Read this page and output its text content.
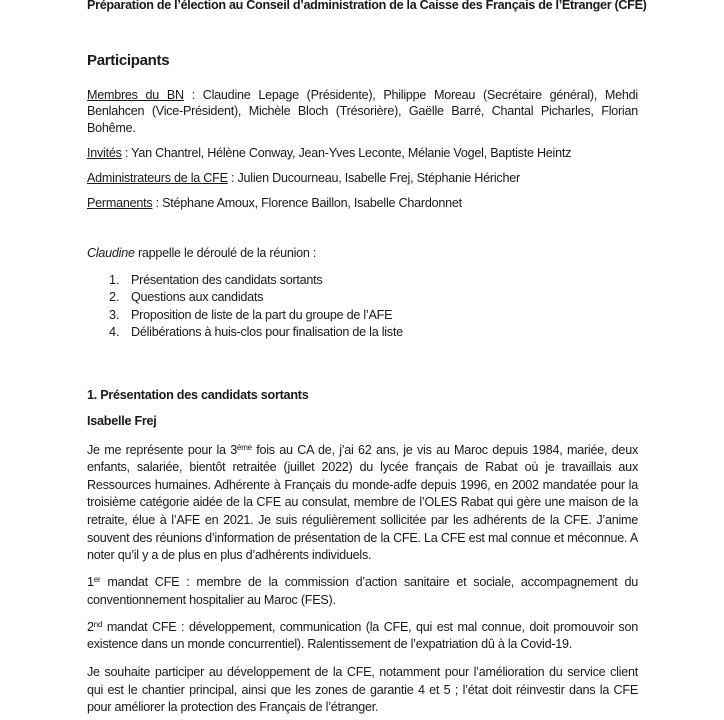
Préparation de l’élection au Conseil d’administration de la Caisse des Français de l’Etranger (CFE)
Participants
Membres du BN : Claudine Lepage (Présidente), Philippe Moreau (Secrétaire général), Mehdi
Benlahcen (Vice-Président), Michèle Bloch (Trésorière), Gaëlle Barré, Chantal Picharles, Florian
Bohême.
Invités : Yan Chantrel, Hélène Conway, Jean-Yves Leconte, Mélanie Vogel, Baptiste Heintz
Administrateurs de la CFE : Julien Ducourneau, Isabelle Frej, Stéphanie Héricher
Permanents : Stéphane Amoux, Florence Baillon, Isabelle Chardonnet
Claudine rappelle le déroulé de la réunion :
1. Présentation des candidats sortants
2. Questions aux candidats
3. Proposition de liste de la part du groupe de l’AFE
4. Délibérations à huis-clos pour finalisation de la liste
1. Présentation des candidats sortants
Isabelle Frej
Je me représente pour la 3ème fois au CA de, j’ai 62 ans, je vis au Maroc depuis 1984, mariée, deux
enfants, salariée, bientôt retraitée (juillet 2022) du lycée français de Rabat où je travaillais aux
Ressources humaines. Adhérente à Français du monde-adfe depuis 1996, en 2002 mandatée pour la
troisième catégorie aidée de la CFE au consulat, membre de l’OLES Rabat qui gère une maison de la
retraite, élue à l’AFE en 2021. Je suis régulièrement sollicitée par les adhérents de la CFE. J’anime
souvent des réunions d’information de présentation de la CFE. La CFE est mal connue et méconnue. A
noter qu’il y a de plus en plus d’adhérents individuels.
1er mandat CFE : membre de la commission d’action sanitaire et sociale, accompagnement du
conventionnement hospitalier au Maroc (FES).
2nd mandat CFE : développement, communication (la CFE, qui est mal connue, doit promouvoir son
existence dans un monde concurrentiel). Ralentissement de l’expatriation dû à la Covid-19.
Je souhaite participer au développement de la CFE, notamment pour l’amélioration du service client
qui est le chantier principal, ainsi que les zones de garantie 4 et 5 ; l’état doit réinvestir dans la CFE
pour améliorer la protection des Français de l’étranger.
